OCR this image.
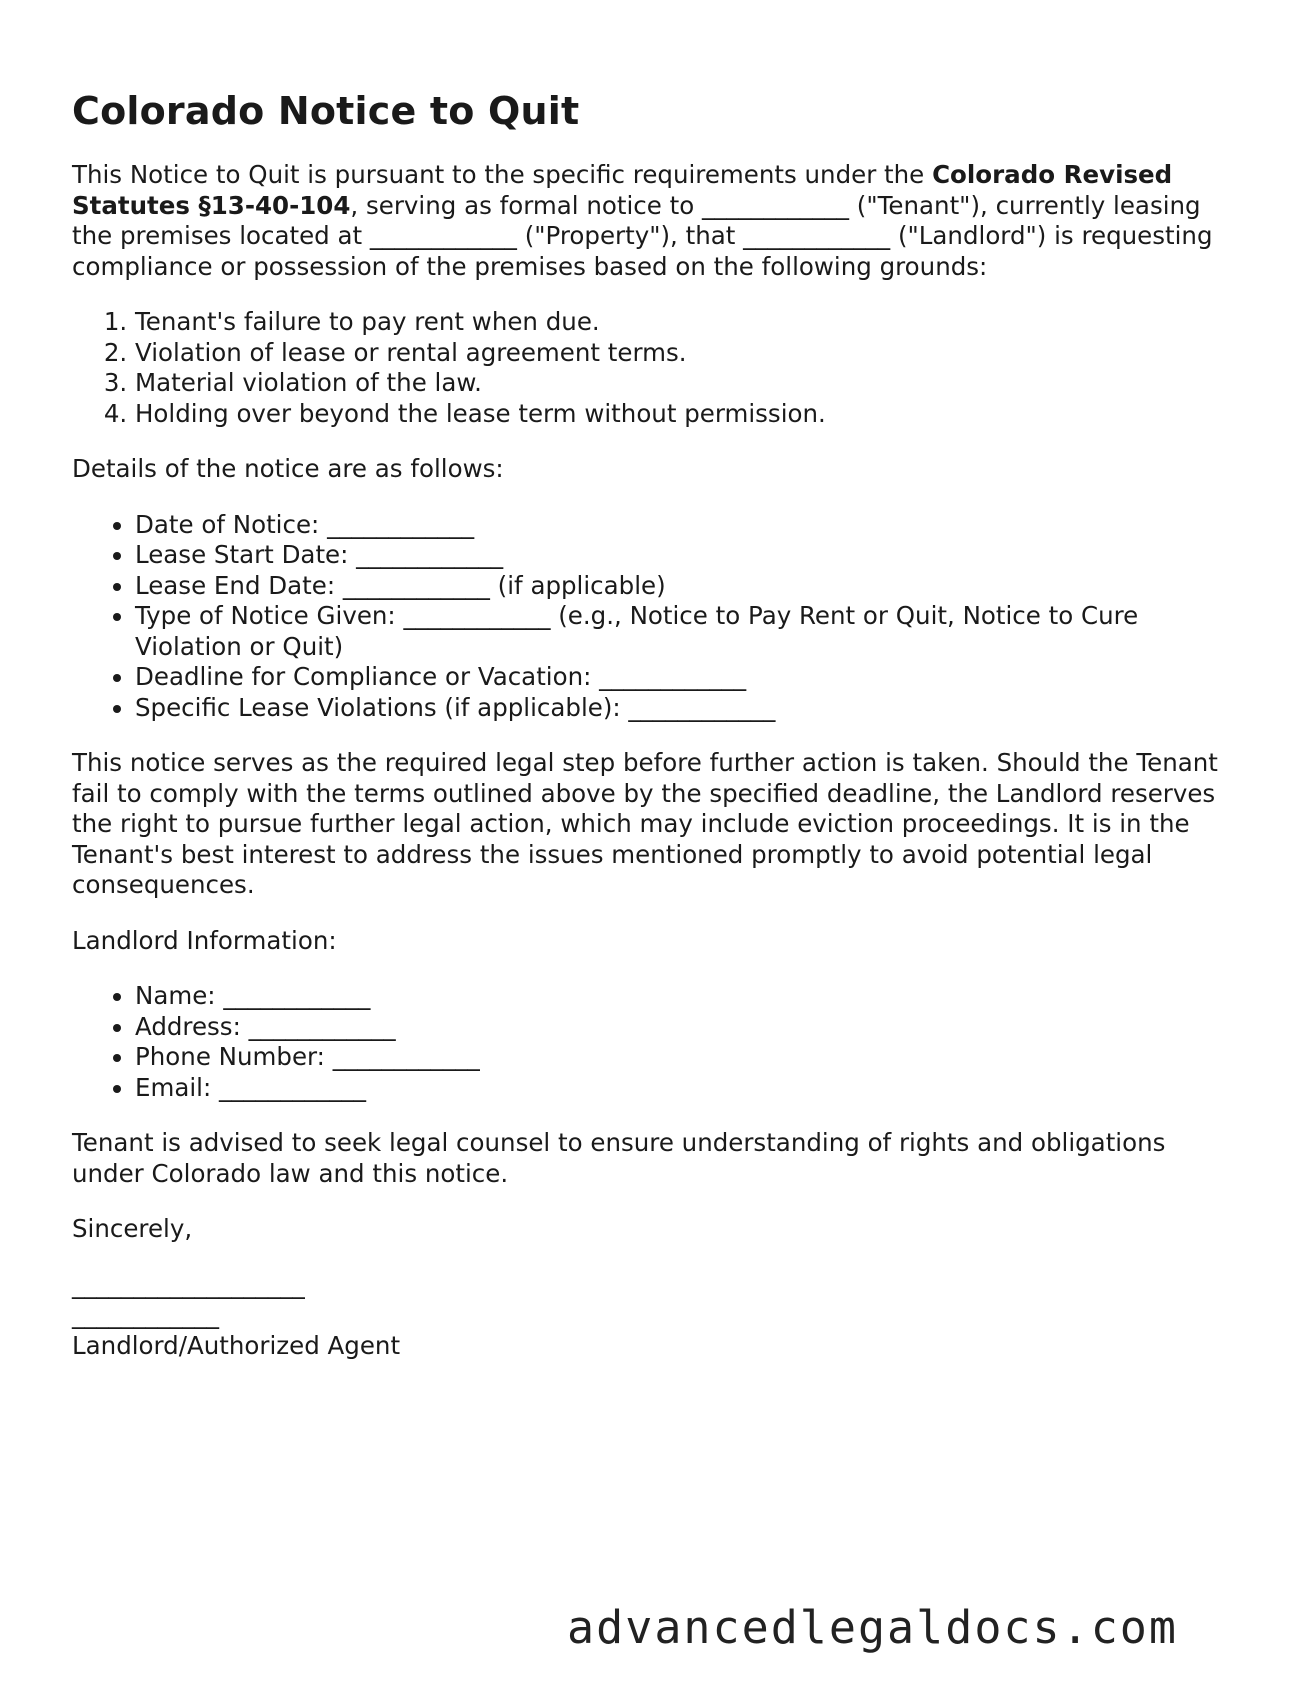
Colorado Notice to Quit

This Notice to Quit is pursuant to the specific requirements under the Colorado Revised Statutes §13-40-104, serving as formal notice to ____________ ("Tenant"), currently leasing the premises located at ____________ ("Property"), that ____________ ("Landlord") is requesting compliance or possession of the premises based on the following grounds:

1. Tenant's failure to pay rent when due.
2. Violation of lease or rental agreement terms.
3. Material violation of the law.
4. Holding over beyond the lease term without permission.

Details of the notice are as follows:

• Date of Notice: ____________
• Lease Start Date: ____________
• Lease End Date: ____________ (if applicable)
• Type of Notice Given: ____________ (e.g., Notice to Pay Rent or Quit, Notice to Cure Violation or Quit)
• Deadline for Compliance or Vacation: ____________
• Specific Lease Violations (if applicable): ____________

This notice serves as the required legal step before further action is taken. Should the Tenant fail to comply with the terms outlined above by the specified deadline, the Landlord reserves the right to pursue further legal action, which may include eviction proceedings. It is in the Tenant's best interest to address the issues mentioned promptly to avoid potential legal consequences.

Landlord Information:

• Name: ____________
• Address: ____________
• Phone Number: ____________
• Email: ____________

Tenant is advised to seek legal counsel to ensure understanding of rights and obligations under Colorado law and this notice.

Sincerely,

___________________

____________

Landlord/Authorized Agent

advancedlegaldocs.com
